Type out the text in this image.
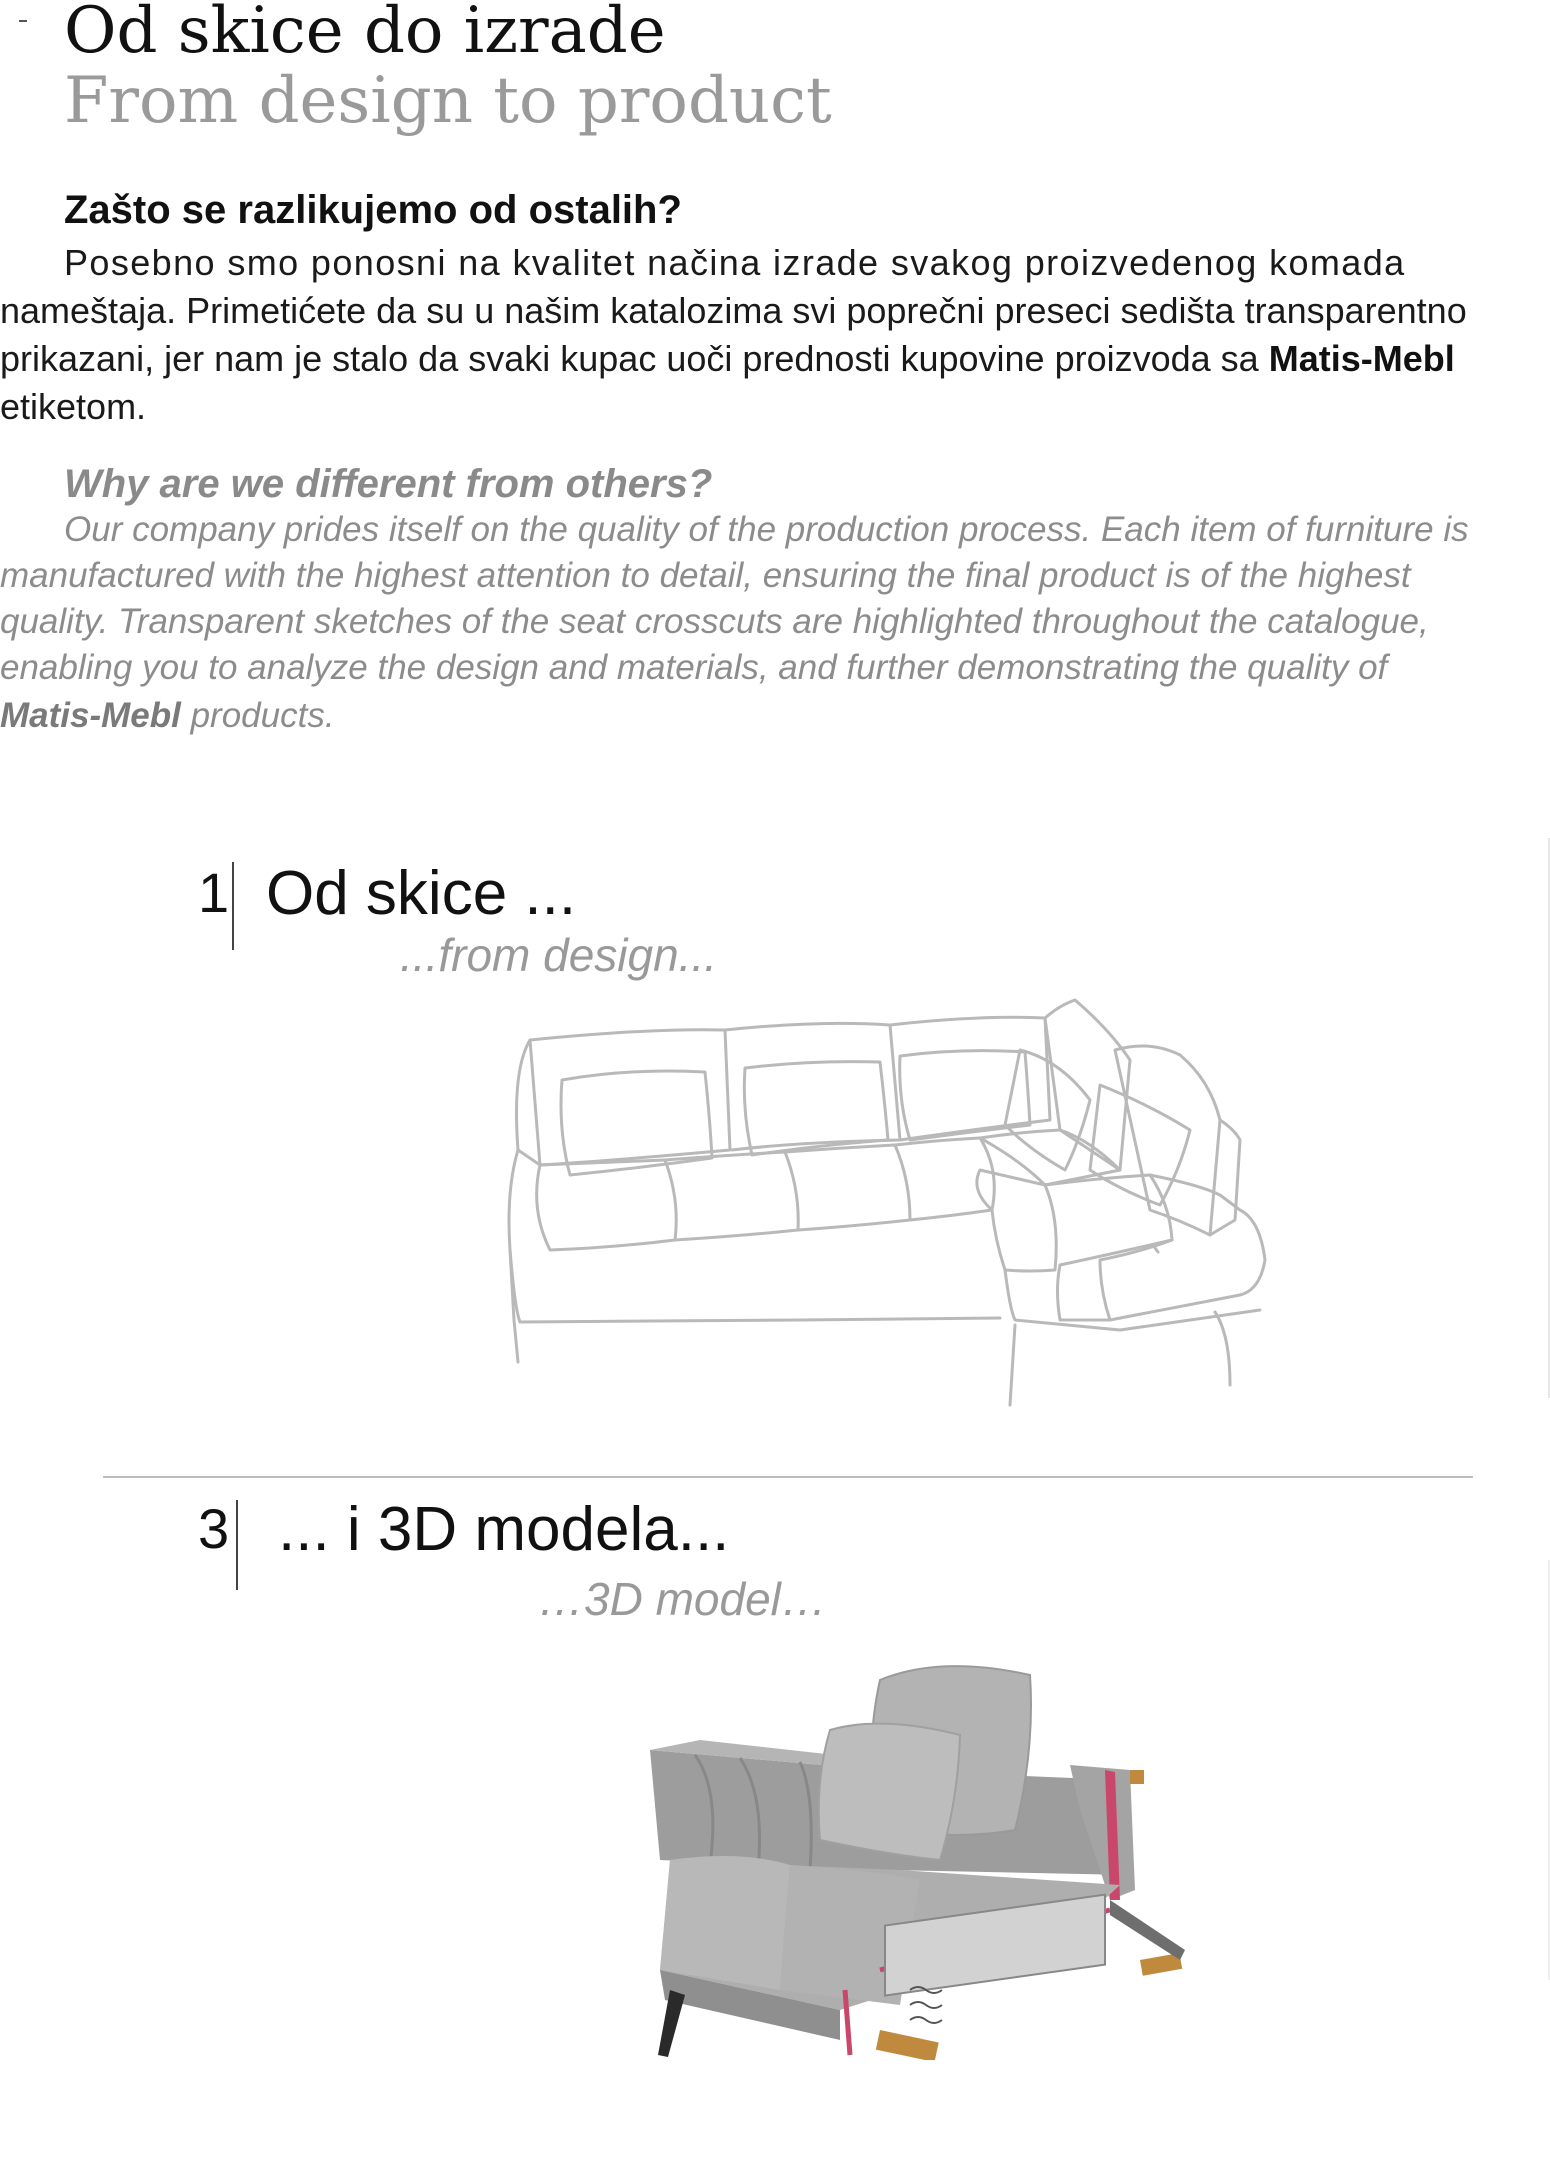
Od skice do izrade
From design to product
Zašto se razlikujemo od ostalih?
Posebno smo ponosni na kvalitet načina izrade svakog proizvedenog komada
nameštaja. Primetićete da su u našim katalozima svi poprečni preseci sedišta transparentno
prikazani, jer nam je stalo da svaki kupac uoči prednosti kupovine proizvoda sa Matis-Mebl
etiketom.
Why are we different from others?
Our company prides itself on the quality of the production process. Each item of furniture is
manufactured with the highest attention to detail, ensuring the final product is of the highest
quality. Transparent sketches of the seat crosscuts are highlighted throughout the catalogue,
enabling you to analyze the design and materials, and further demonstrating the quality of
Matis-Mebl products.
1 Od skice ...
...from design...
3 ... i 3D modela...
…3D model…
